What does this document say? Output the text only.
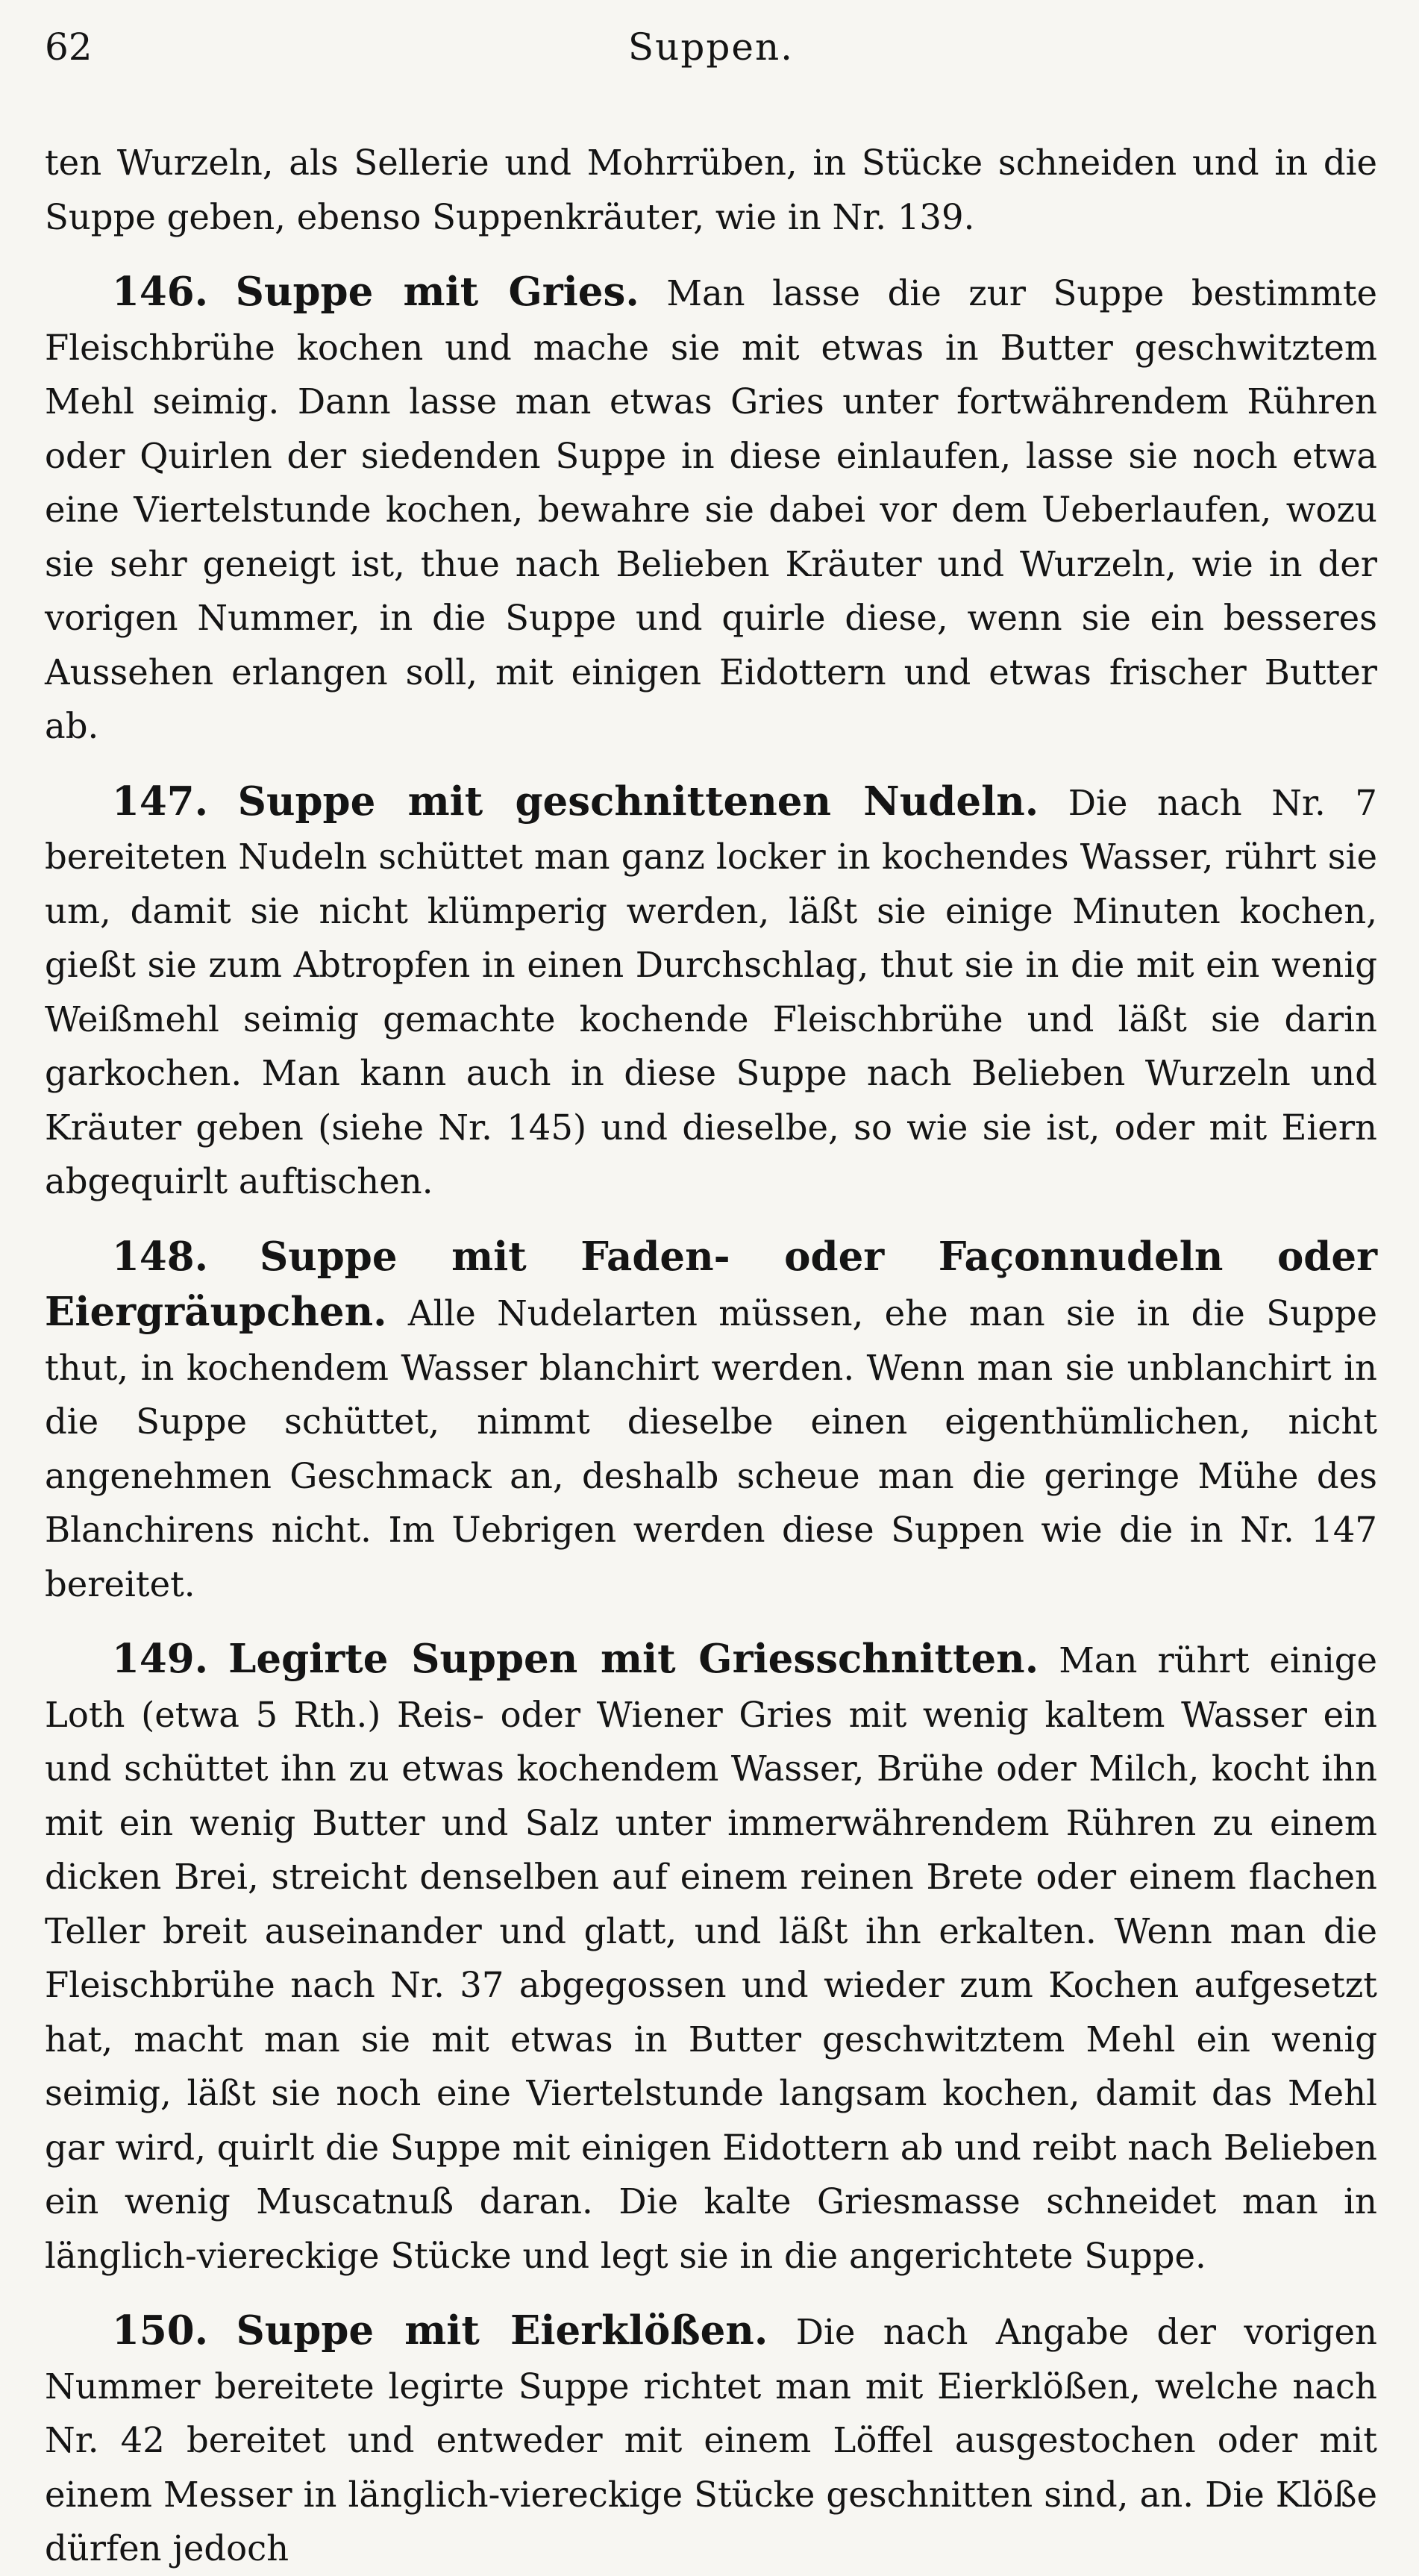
62	Suppen.

ten Wurzeln, als Sellerie und Mohrrüben, in Stücke schneiden und in die Suppe geben, ebenso Suppenkräuter, wie in Nr. 139.

146. Suppe mit Gries. Man lasse die zur Suppe bestimmte Fleischbrühe kochen und mache sie mit etwas in Butter geschwitztem Mehl seimig. Dann lasse man etwas Gries unter fortwährendem Rühren oder Quirlen der siedenden Suppe in diese einlaufen, lasse sie noch etwa eine Viertelstunde kochen, bewahre sie dabei vor dem Ueberlaufen, wozu sie sehr geneigt ist, thue nach Belieben Kräuter und Wurzeln, wie in der vorigen Nummer, in die Suppe und quirle diese, wenn sie ein besseres Aussehen erlangen soll, mit einigen Eidottern und etwas frischer Butter ab.

147. Suppe mit geschnittenen Nudeln. Die nach Nr. 7 bereiteten Nudeln schüttet man ganz locker in kochendes Wasser, rührt sie um, damit sie nicht klümperig werden, läßt sie einige Minuten kochen, gießt sie zum Abtropfen in einen Durchschlag, thut sie in die mit ein wenig Weißmehl seimig gemachte kochende Fleischbrühe und läßt sie darin garkochen. Man kann auch in diese Suppe nach Belieben Wurzeln und Kräuter geben (siehe Nr. 145) und dieselbe, so wie sie ist, oder mit Eiern abgequirlt auftischen.

148. Suppe mit Faden- oder Façonnudeln oder Eiergräupchen. Alle Nudelarten müssen, ehe man sie in die Suppe thut, in kochendem Wasser blanchirt werden. Wenn man sie unblanchirt in die Suppe schüttet, nimmt dieselbe einen eigenthümlichen, nicht angenehmen Geschmack an, deshalb scheue man die geringe Mühe des Blanchirens nicht. Im Uebrigen werden diese Suppen wie die in Nr. 147 bereitet.

149. Legirte Suppen mit Griesschnitten. Man rührt einige Loth (etwa 5 Rth.) Reis- oder Wiener Gries mit wenig kaltem Wasser ein und schüttet ihn zu etwas kochendem Wasser, Brühe oder Milch, kocht ihn mit ein wenig Butter und Salz unter immerwährendem Rühren zu einem dicken Brei, streicht denselben auf einem reinen Brete oder einem flachen Teller breit auseinander und glatt, und läßt ihn erkalten. Wenn man die Fleischbrühe nach Nr. 37 abgegossen und wieder zum Kochen aufgesetzt hat, macht man sie mit etwas in Butter geschwitztem Mehl ein wenig seimig, läßt sie noch eine Viertelstunde langsam kochen, damit das Mehl gar wird, quirlt die Suppe mit einigen Eidottern ab und reibt nach Belieben ein wenig Muscatnuß daran. Die kalte Griesmasse schneidet man in länglich-viereckige Stücke und legt sie in die angerichtete Suppe.

150. Suppe mit Eierklößen. Die nach Angabe der vorigen Nummer bereitete legirte Suppe richtet man mit Eierklößen, welche nach Nr. 42 bereitet und entweder mit einem Löffel ausgestochen oder mit einem Messer in länglich-viereckige Stücke geschnitten sind, an. Die Klöße dürfen jedoch
